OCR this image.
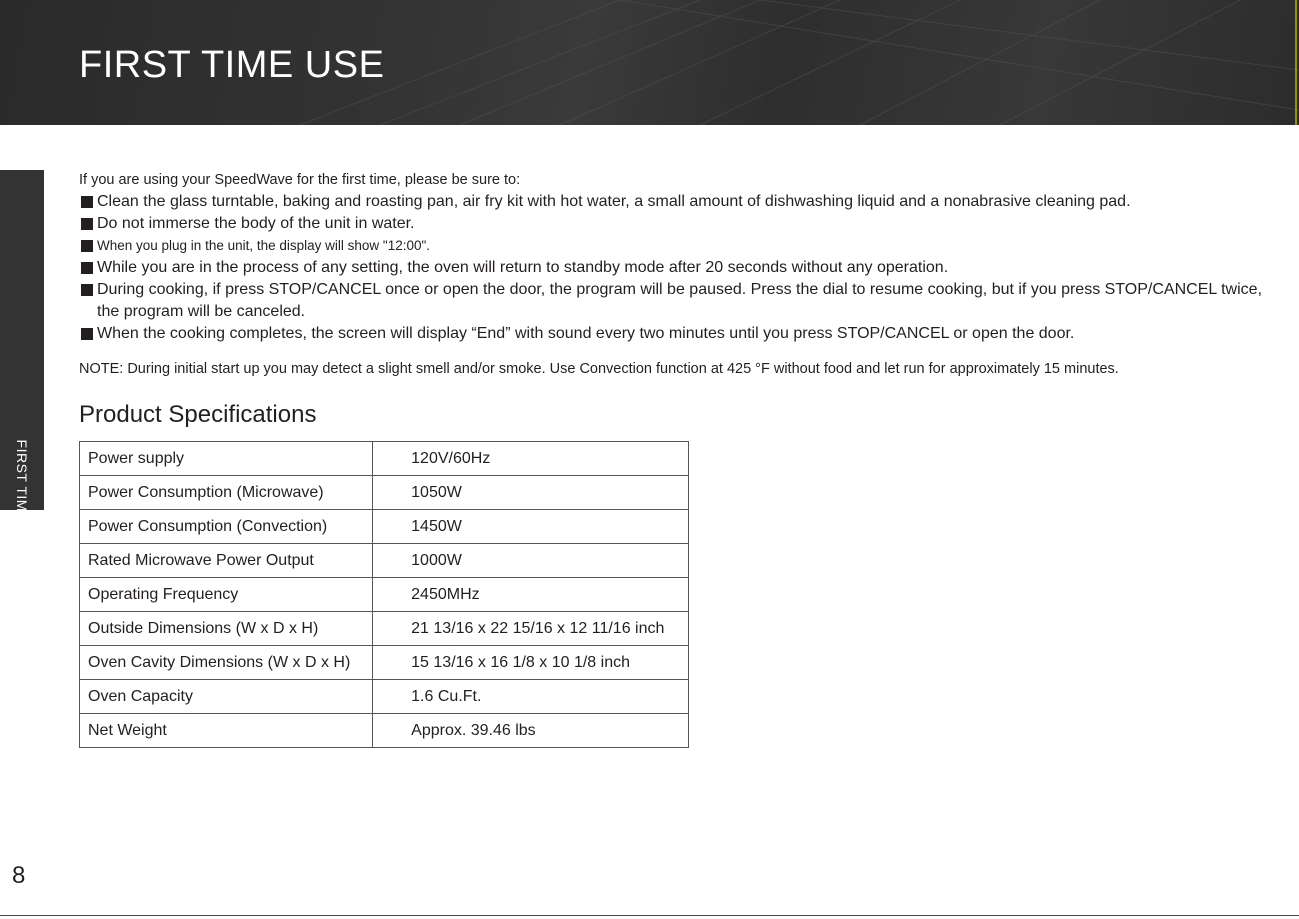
FIRST TIME USE
FIRST TIME USE

If you are using your SpeedWave for the first time, please be sure to:

Clean the glass turntable, baking and roasting pan, air fry kit with hot water, a small amount of dishwashing liquid and a nonabrasive cleaning pad.
Do not immerse the body of the unit in water.
When you plug in the unit, the display will show "12:00".
While you are in the process of any setting, the oven will return to standby mode after 20 seconds without any operation.
During cooking, if press STOP/CANCEL once or open the door, the program will be paused. Press the dial to resume cooking, but if you press STOP/CANCEL twice, the program will be canceled.
When the cooking completes, the screen will display “End” with sound every two minutes until you press STOP/CANCEL or open the door.
NOTE: During initial start up you may detect a slight smell and/or smoke. Use Convection function at 425 °F without food and let run for approximately 15 minutes.
Product Specifications
Power supply	120V/60Hz
Power Consumption (Microwave)	1050W
Power Consumption (Convection)	1450W
Rated Microwave Power Output	1000W
Operating Frequency	2450MHz
Outside Dimensions (W x D x H)	21 13/16 x 22 15/16 x 12 11/16 inch
Oven Cavity Dimensions (W x D x H)	15 13/16 x 16 1/8 x 10 1/8 inch
Oven Capacity	1.6 Cu.Ft.
Net Weight	Approx. 39.46 lbs
8
